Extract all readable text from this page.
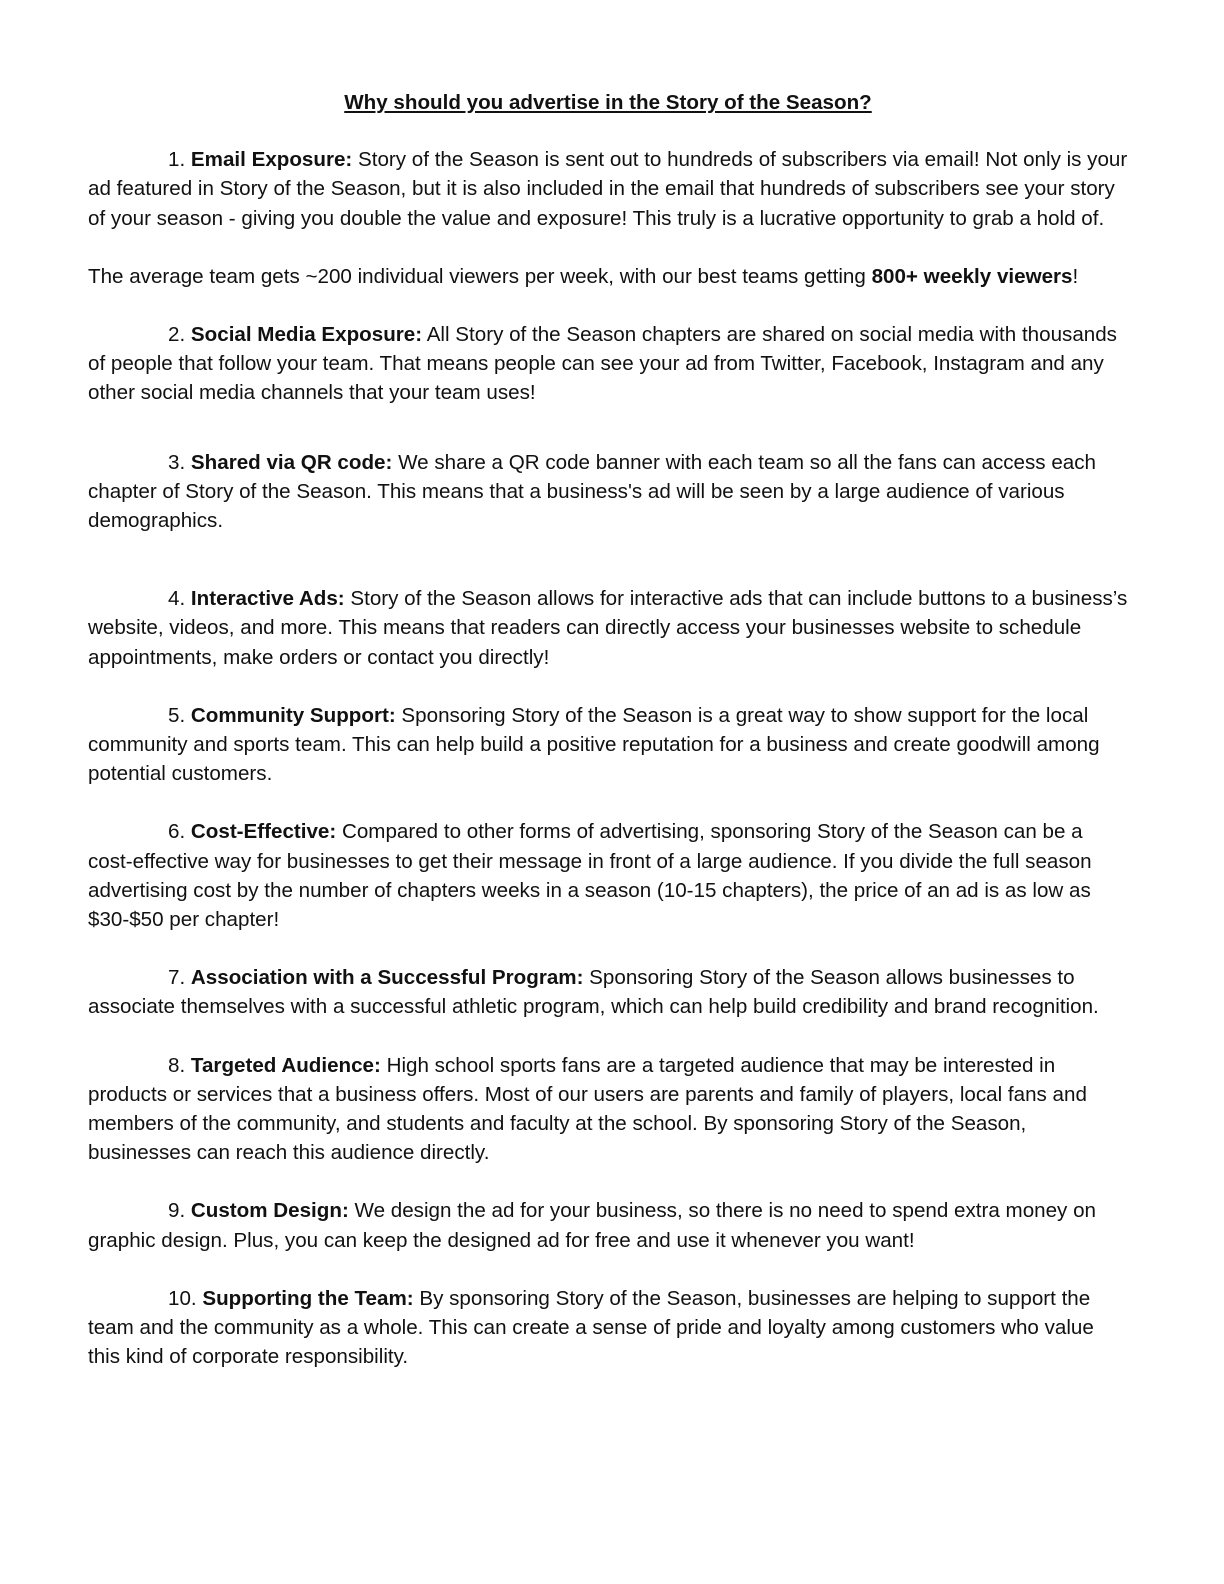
Why should you advertise in the Story of the Season?

1. Email Exposure: Story of the Season is sent out to hundreds of subscribers via email! Not only is your ad featured in Story of the Season, but it is also included in the email that hundreds of subscribers see your story of your season - giving you double the value and exposure! This truly is a lucrative opportunity to grab a hold of.

The average team gets ~200 individual viewers per week, with our best teams getting 800+ weekly viewers!

2. Social Media Exposure: All Story of the Season chapters are shared on social media with thousands of people that follow your team. That means people can see your ad from Twitter, Facebook, Instagram and any other social media channels that your team uses!

3. Shared via QR code: We share a QR code banner with each team so all the fans can access each chapter of Story of the Season. This means that a business's ad will be seen by a large audience of various demographics.

4. Interactive Ads: Story of the Season allows for interactive ads that can include buttons to a business’s website, videos, and more. This means that readers can directly access your businesses website to schedule appointments, make orders or contact you directly!

5. Community Support: Sponsoring Story of the Season is a great way to show support for the local community and sports team. This can help build a positive reputation for a business and create goodwill among potential customers.

6. Cost-Effective: Compared to other forms of advertising, sponsoring Story of the Season can be a cost-effective way for businesses to get their message in front of a large audience. If you divide the full season advertising cost by the number of chapters weeks in a season (10-15 chapters), the price of an ad is as low as $30-$50 per chapter!

7. Association with a Successful Program: Sponsoring Story of the Season allows businesses to associate themselves with a successful athletic program, which can help build credibility and brand recognition.

8. Targeted Audience: High school sports fans are a targeted audience that may be interested in products or services that a business offers. Most of our users are parents and family of players, local fans and members of the community, and students and faculty at the school. By sponsoring Story of the Season, businesses can reach this audience directly.

9. Custom Design: We design the ad for your business, so there is no need to spend extra money on graphic design. Plus, you can keep the designed ad for free and use it whenever you want!

10. Supporting the Team: By sponsoring Story of the Season, businesses are helping to support the team and the community as a whole. This can create a sense of pride and loyalty among customers who value this kind of corporate responsibility.
